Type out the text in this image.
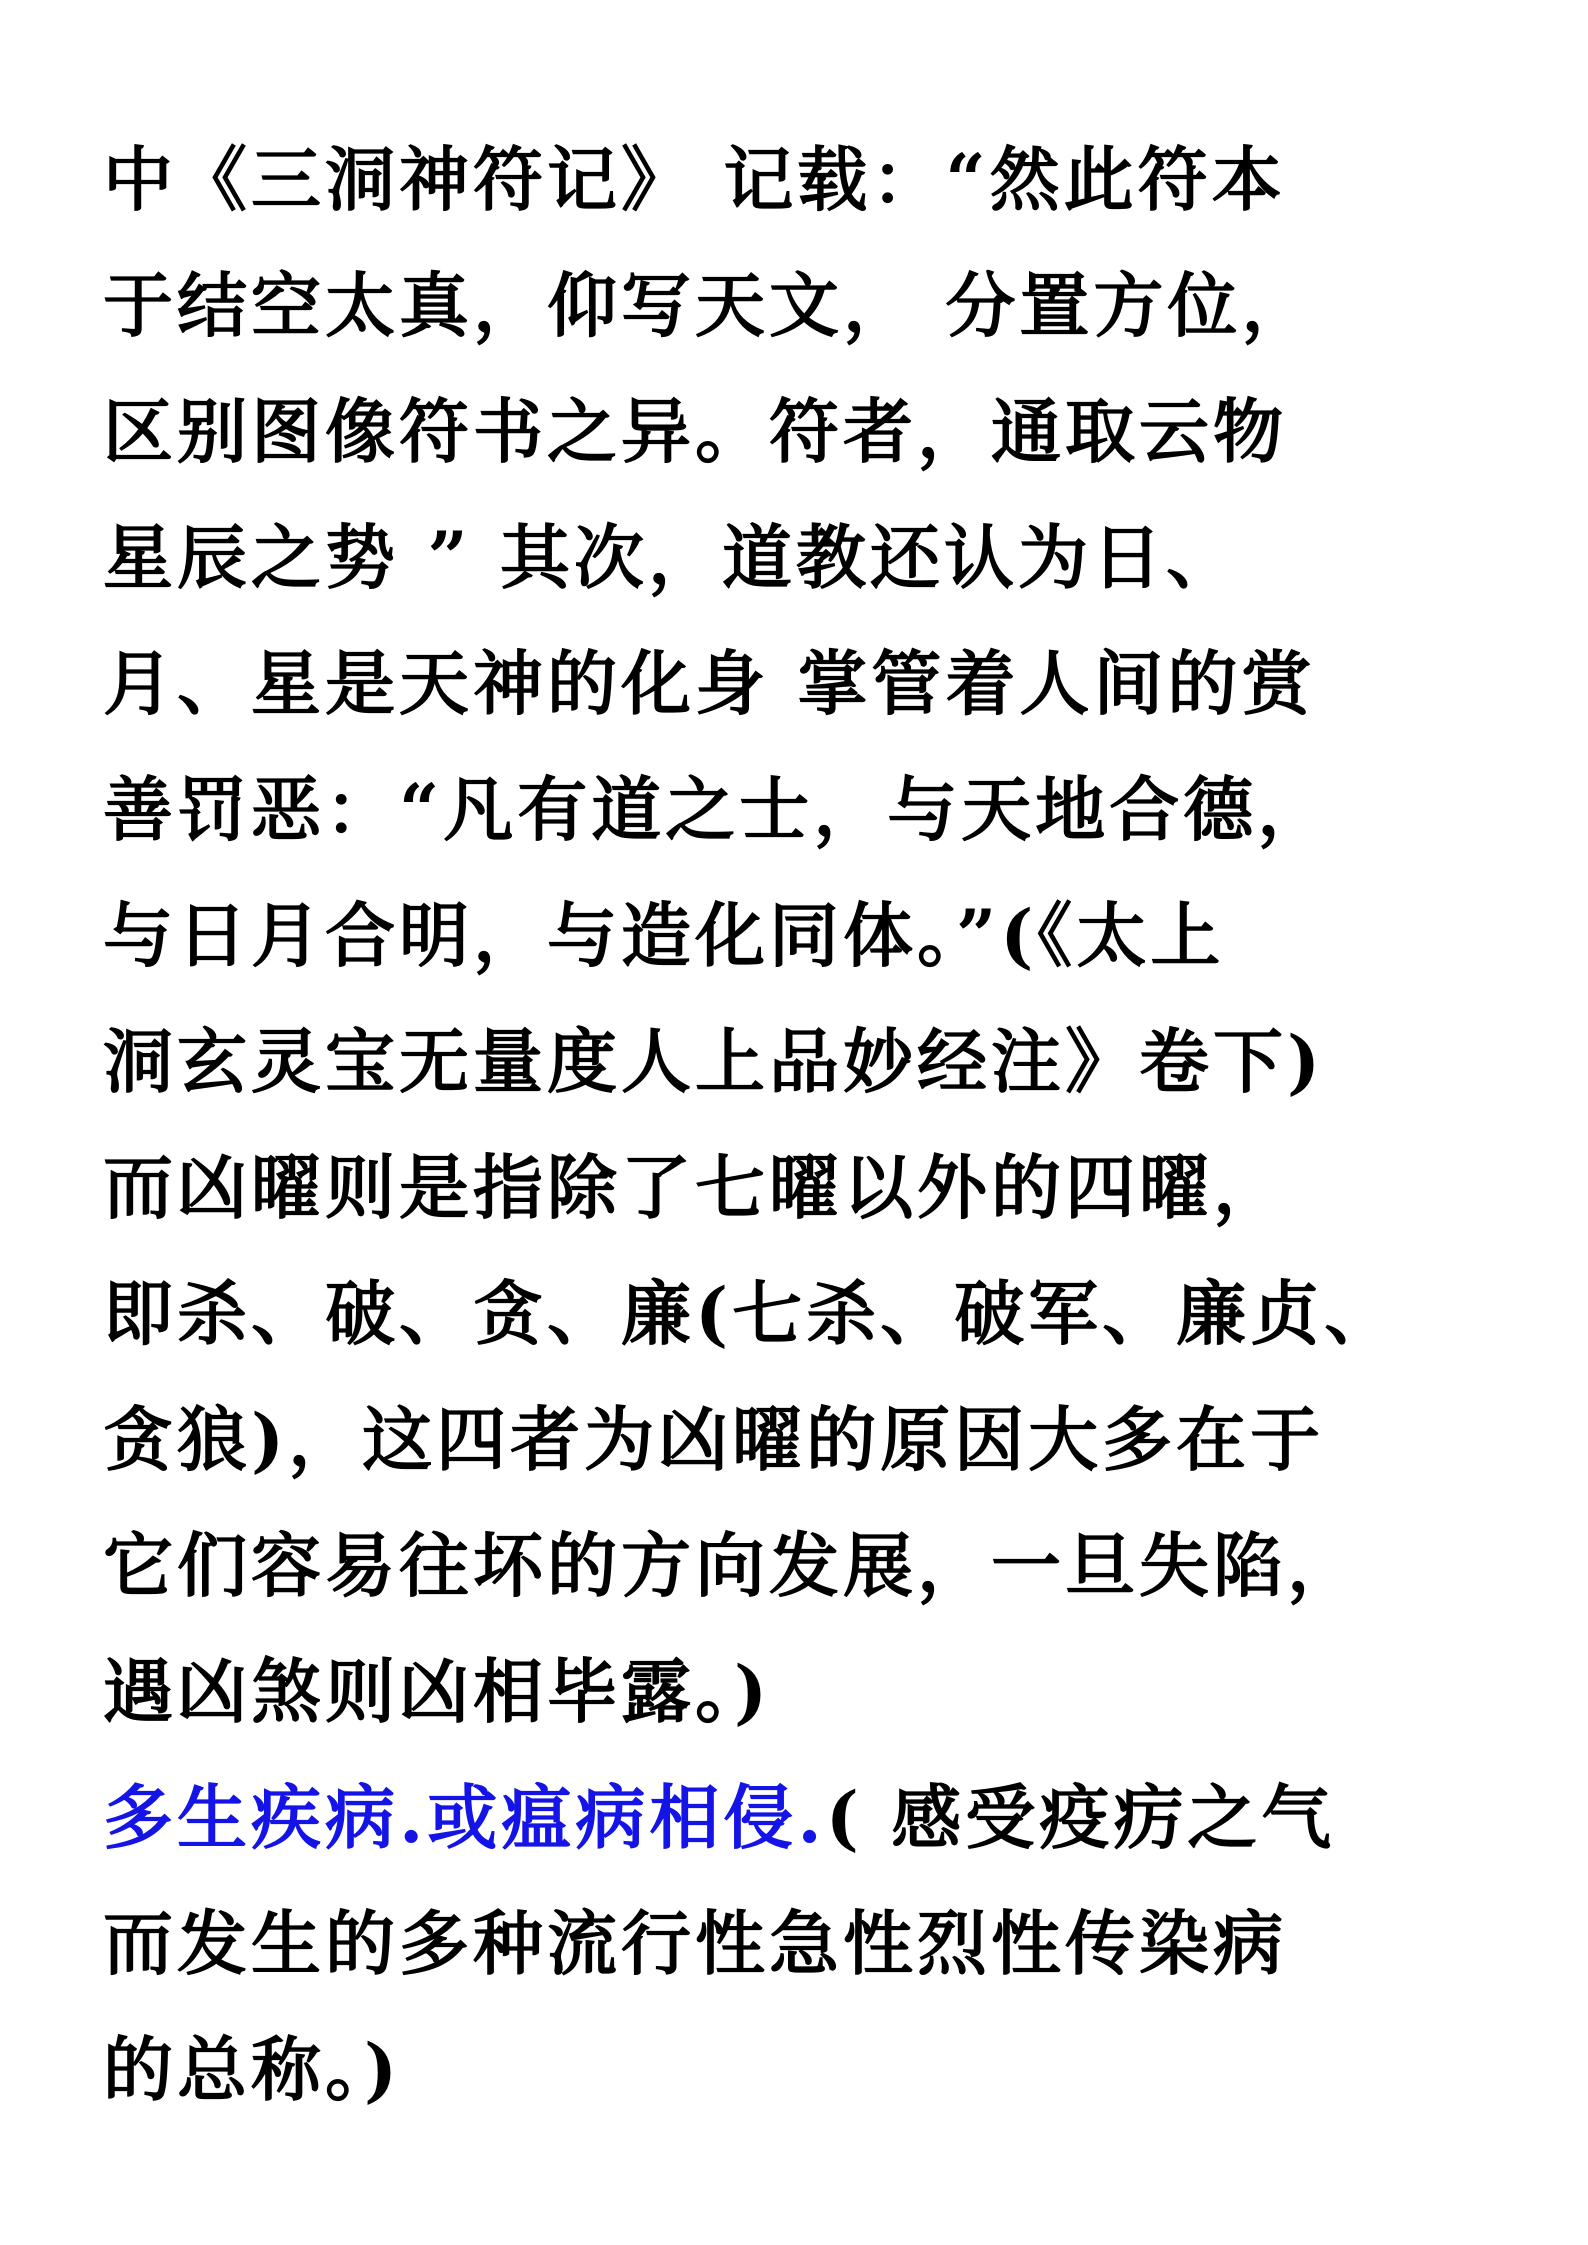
中《三洞神符记》 记载：“然此符本
于结空太真，仰写天文， 分置方位，
区别图像符书之异。符者，通取云物
星辰之势 ” 其次，道教还认为日、
月、星是天神的化身 掌管着人间的赏
善罚恶：“凡有道之士，与天地合德，
与日月合明，与造化同体。”(《太上
洞玄灵宝无量度人上品妙经注》卷下)
而凶曜则是指除了七曜以外的四曜，
即杀、破、贪、廉(七杀、破军、廉贞、
贪狼)，这四者为凶曜的原因大多在于
它们容易往坏的方向发展，一旦失陷，
遇凶煞则凶相毕露。)
多生疾病.或瘟病相侵.( 感受疫疠之气
而发生的多种流行性急性烈性传染病
的总称。)
